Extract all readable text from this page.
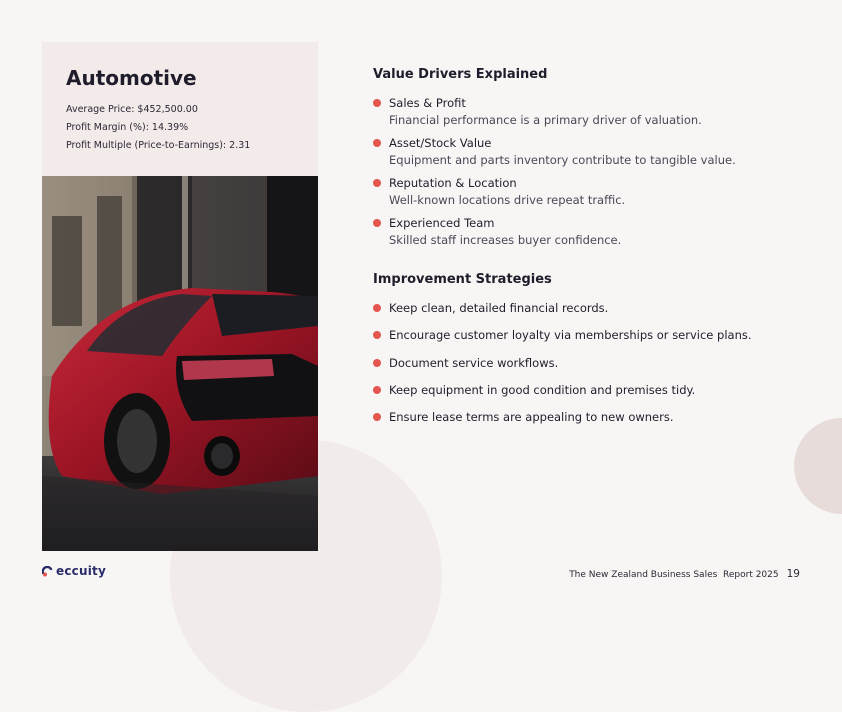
Automotive
Average Price: $452,500.00
Profit Margin (%): 14.39%
Profit Multiple (Price-to-Earnings): 2.31
Value Drivers Explained
Sales & Profit
Financial performance is a primary driver of valuation.
Asset/Stock Value
Equipment and parts inventory contribute to tangible value.
Reputation & Location
Well-known locations drive repeat traffic.
Experienced Team
Skilled staff increases buyer confidence.
Improvement Strategies
Keep clean, detailed financial records.
Encourage customer loyalty via memberships or service plans.
Document service workflows.
Keep equipment in good condition and premises tidy.
Ensure lease terms are appealing to new owners.
eccuity	The New Zealand Business Sales  Report 2025 19
